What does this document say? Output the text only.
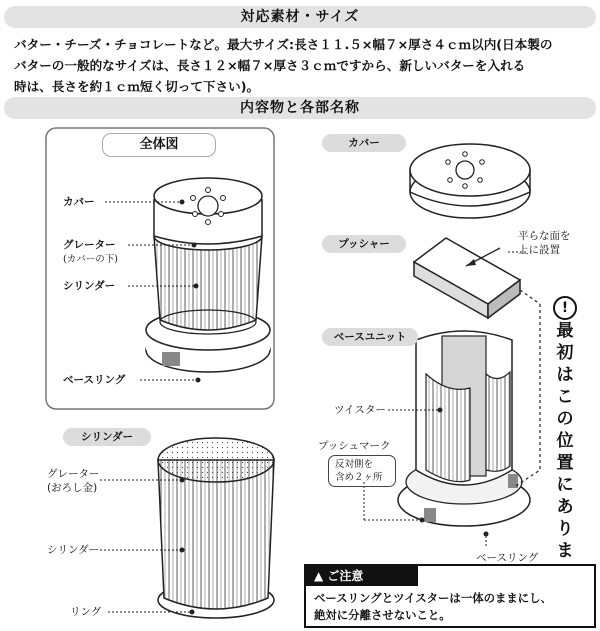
対応素材・サイズ
バター・チーズ・チョコレートなど。最大サイズ:長さ１１.５×幅７×厚さ４ｃｍ以内(日本製の
バターの一般的なサイズは、長さ１２×幅７×厚さ３ｃｍですから、新しいバターを入れる
時は、長さを約１ｃｍ短く切って下さい)。
内容物と各部名称
全体図
カバー
グレーター
(カバーの下)
シリンダー
ベースリング
シリンダー
グレーター
(おろし金)
シリンダー
リング
カバー
プッシャー
平らな面を
上に設置
ベースユニット
ツイスター
プッシュマーク
反対側を
含め２ヶ所
ベースリング
!
最
初
は
こ
の
位
置
に
あ
り
ま
▲ ご注意
ベースリングとツイスターは一体のままにし、
絶対に分離させないこと。
